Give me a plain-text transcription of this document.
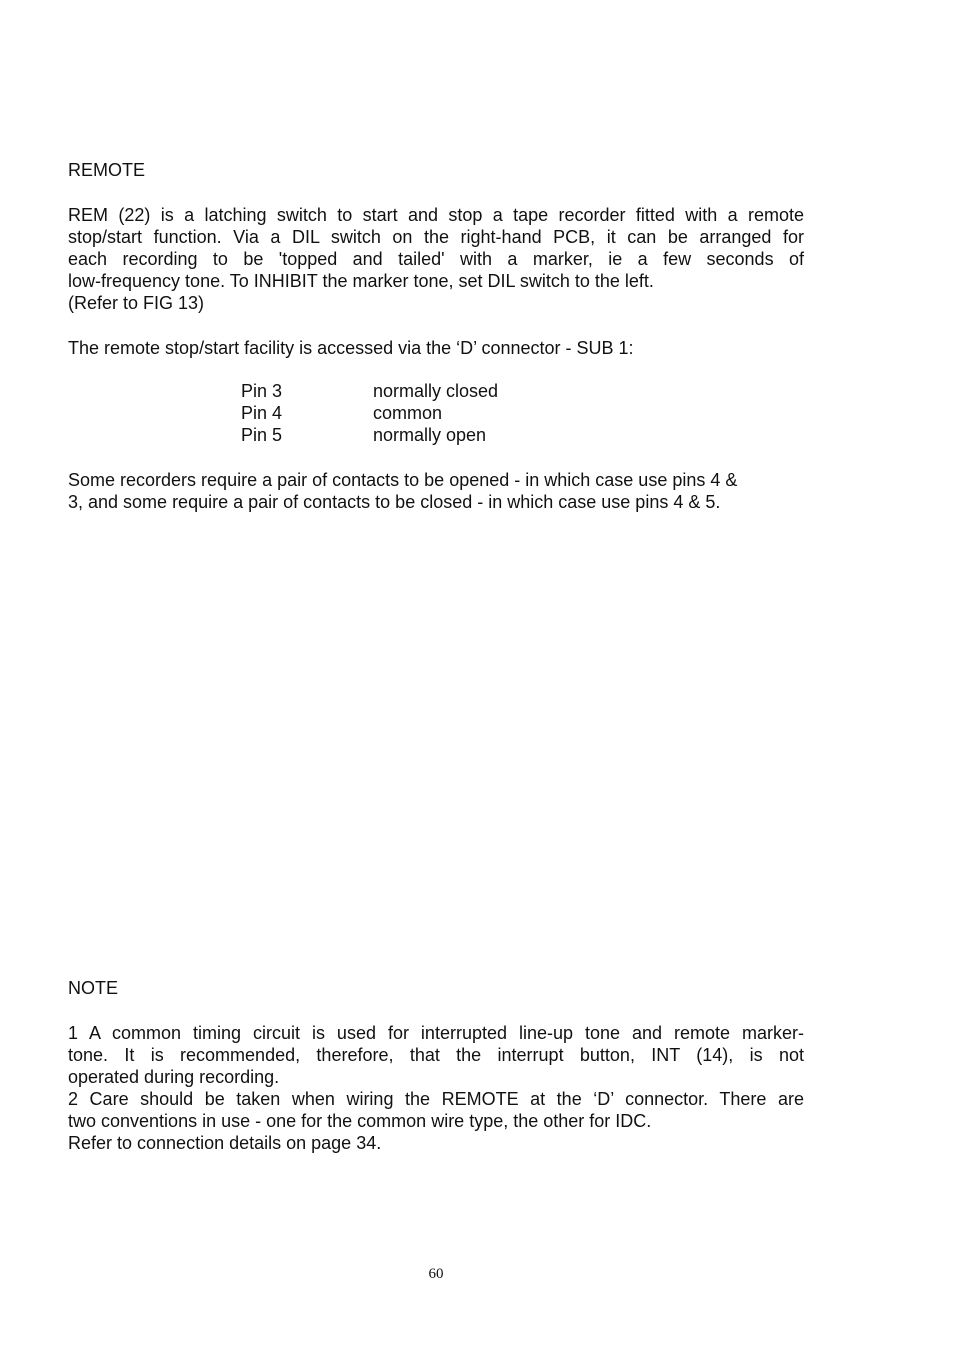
REMOTE
REM (22) is a latching switch to start and stop a tape recorder fitted with a remote
stop/start function. Via a DIL switch on the right-hand PCB, it can be arranged for
each recording to be 'topped and tailed' with a marker, ie a few seconds of
low-frequency tone. To INHIBIT the marker tone, set DIL switch to the left.
(Refer to FIG 13)

The remote stop/start facility is accessed via the ‘D’ connector - SUB 1:

Pin 3	normally closed
Pin 4	common
Pin 5	normally open
Some recorders require a pair of contacts to be opened - in which case use pins 4 &
3, and some require a pair of contacts to be closed - in which case use pins 4 & 5.
NOTE
1 A common timing circuit is used for interrupted line-up tone and remote marker-
tone. It is recommended, therefore, that the interrupt button, INT (14), is not
operated during recording.
2 Care should be taken when wiring the REMOTE at the ‘D’ connector. There are
two conventions in use - one for the common wire type, the other for IDC.
Refer to connection details on page 34.
60
